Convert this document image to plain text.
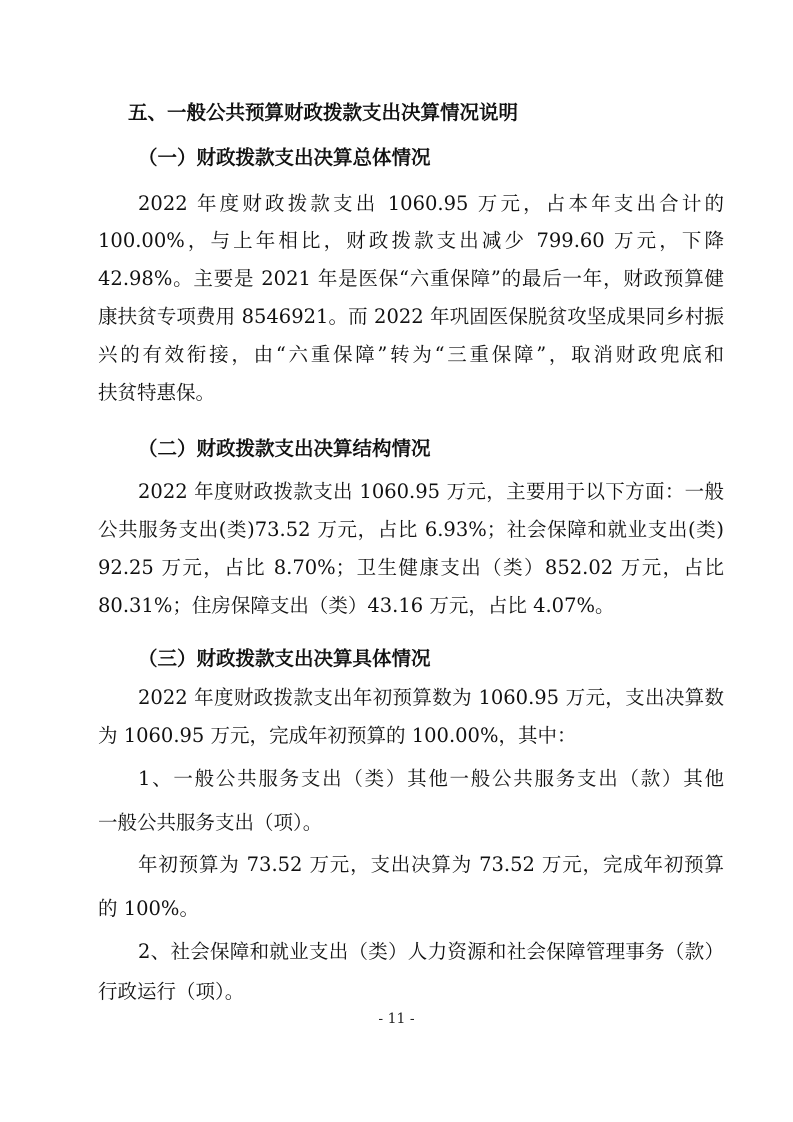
五、一般公共预算财政拨款支出决算情况说明
（一）财政拨款支出决算总体情况
2022 年度财政拨款支出 1060.95 万元，占本年支出合计的
100.00%，与上年相比，财政拨款支出减少 799.60 万元，下降
42.98%。主要是 2021 年是医保“六重保障”的最后一年，财政预算健
康扶贫专项费用 8546921。而 2022 年巩固医保脱贫攻坚成果同乡村振
兴的有效衔接，由“六重保障”转为“三重保障”，取消财政兜底和
扶贫特惠保。
（二）财政拨款支出决算结构情况
2022 年度财政拨款支出 1060.95 万元，主要用于以下方面：一般
公共服务支出(类)73.52 万元，占比 6.93%；社会保障和就业支出(类)
92.25 万元，占比 8.70%；卫生健康支出（类）852.02 万元，占比
80.31%；住房保障支出（类）43.16 万元，占比 4.07%。
（三）财政拨款支出决算具体情况
2022 年度财政拨款支出年初预算数为 1060.95 万元，支出决算数
为 1060.95 万元，完成年初预算的 100.00%，其中：
1、一般公共服务支出（类）其他一般公共服务支出（款）其他
一般公共服务支出（项）。
年初预算为 73.52 万元，支出决算为 73.52 万元，完成年初预算
的 100%。
2、社会保障和就业支出（类）人力资源和社会保障管理事务（款）
行政运行（项）。
- 11 -
